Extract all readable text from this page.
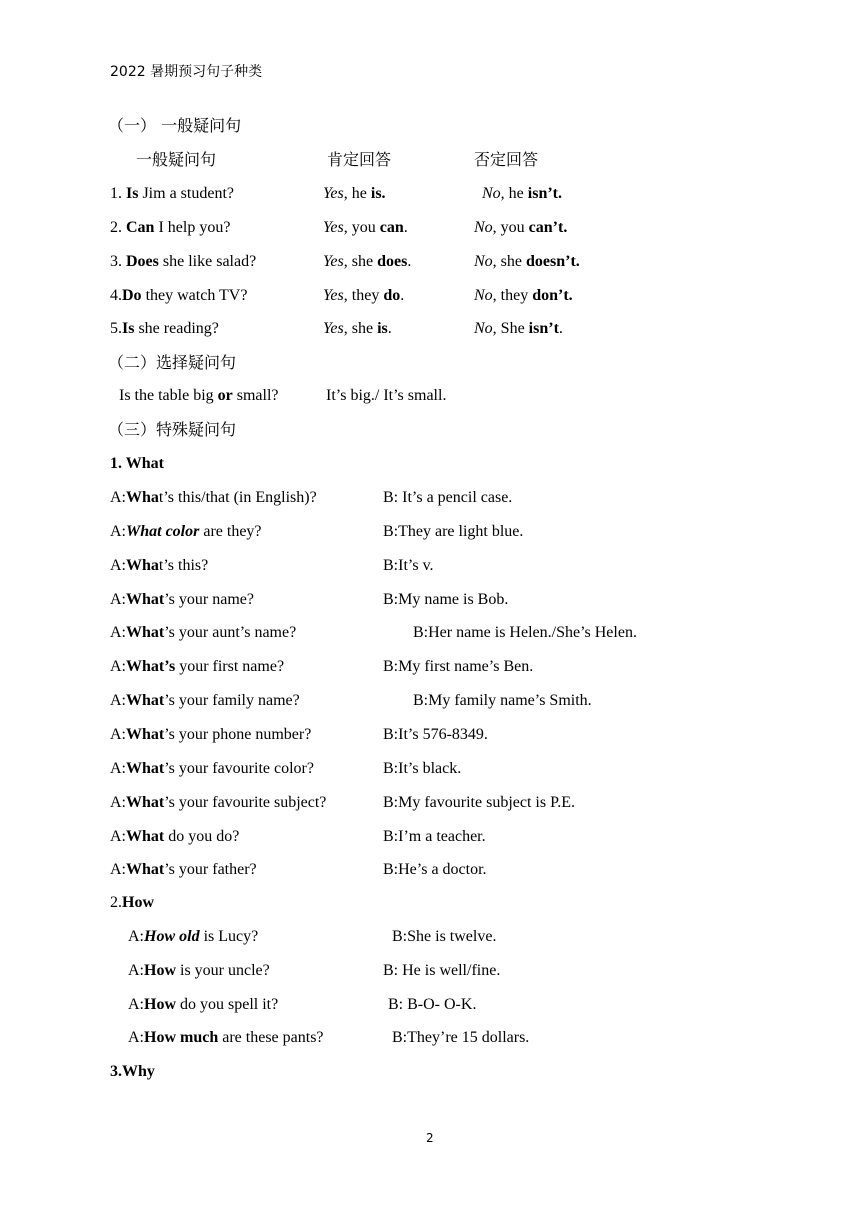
2022 暑期预习句子种类
（一） 一般疑问句
一般疑问句	肯定回答	否定回答
1. Is Jim a student?	Yes, he is.	No, he isn’t.
2. Can I help you?	Yes, you can.	No, you can’t.
3. Does she like salad?	Yes, she does.	No, she doesn’t.
4.Do they watch TV?	Yes, they do.	No, they don’t.
5.Is she reading?	Yes, she is.	No, She isn’t.
（二）选择疑问句
Is the table big or small?	It’s big./ It’s small.
（三）特殊疑问句
1. What
A:What’s this/that (in English)?	B: It’s a pencil case.
A:What color are they?	B:They are light blue.
A:What’s this?	B:It’s v.
A:What’s your name?	B:My name is Bob.
A:What’s your aunt’s name?	B:Her name is Helen./She’s Helen.
A:What’s your first name?	B:My first name’s Ben.
A:What’s your family name?	B:My family name’s Smith.
A:What’s your phone number?	B:It’s 576-8349.
A:What’s your favourite color?	B:It’s black.
A:What’s your favourite subject?	B:My favourite subject is P.E.
A:What do you do?	B:I’m a teacher.
A:What’s your father?	B:He’s a doctor.
2.How
A:How old is Lucy?	B:She is twelve.
A:How is your uncle?	B: He is well/fine.
A:How do you spell it?	B: B-O- O-K.
A:How much are these pants?	B:They’re 15 dollars.
3.Why
2
